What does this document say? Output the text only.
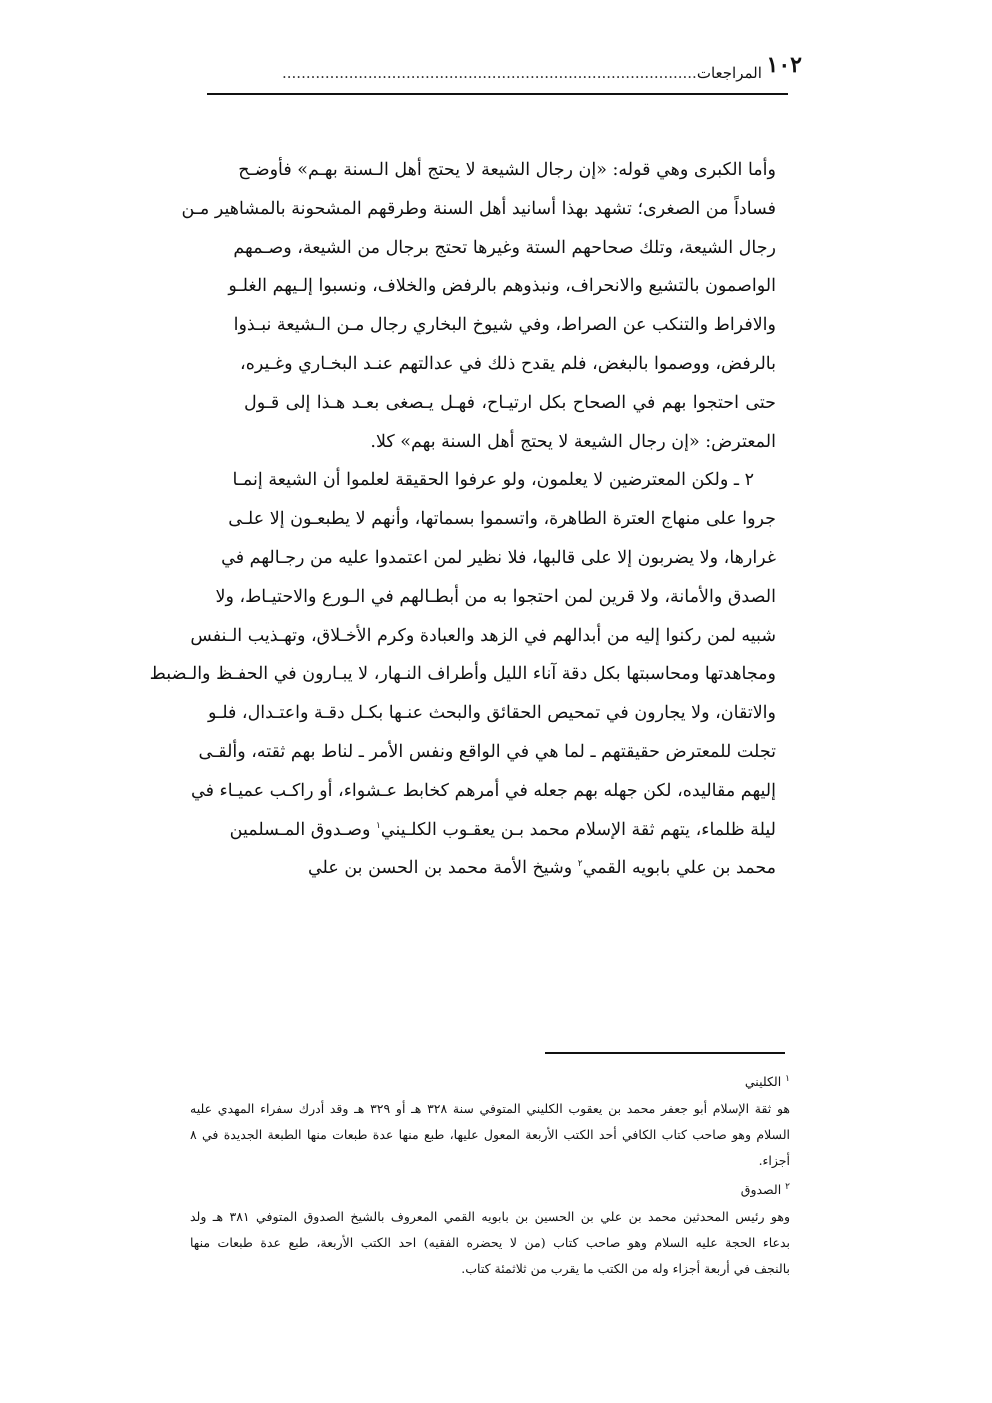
١٠٢
المراجعات.......................................................................................
وأما الكبرى وهي قوله: «إن رجال الشيعة لا يحتج أهل الـسنة بهـم» فأوضـح
فساداً من الصغرى؛ تشهد بهذا أسانيد أهل السنة وطرقهم المشحونة بالمشاهير مـن
رجال الشيعة، وتلك صحاحهم الستة وغيرها تحتج برجال من الشيعة، وصـمهم
الواصمون بالتشيع والانحراف، ونبذوهم بالرفض والخلاف، ونسبوا إلـيهم الغلـو
والافراط والتنكب عن الصراط، وفي شيوخ البخاري رجال مـن الـشيعة نبـذوا
بالرفض، ووصموا بالبغض، فلم يقدح ذلك في عدالتهم عنـد البخـاري وغـيره،
حتى احتجوا بهم في الصحاح بكل ارتيـاح، فهـل يـصغى بعـد هـذا إلى قـول
المعترض: «إن رجال الشيعة لا يحتج أهل السنة بهم» كلا.
٢ ـ ولكن المعترضين لا يعلمون، ولو عرفوا الحقيقة لعلموا أن الشيعة إنمـا
جروا على منهاج العترة الطاهرة، واتسموا بسماتها، وأنهم لا يطبعـون إلا علـى
غرارها، ولا يضربون إلا على قالبها، فلا نظير لمن اعتمدوا عليه من رجـالهم في
الصدق والأمانة، ولا قرين لمن احتجوا به من أبطـالهم في الـورع والاحتيـاط، ولا
شبيه لمن ركنوا إليه من أبدالهم في الزهد والعبادة وكرم الأخـلاق، وتهـذيب الـنفس
ومجاهدتها ومحاسبتها بكل دقة آناء الليل وأطراف النـهار، لا يبـارون في الحفـظ والـضبط
والاتقان، ولا يجارون في تمحيص الحقائق والبحث عنـها بكـل دقـة واعتـدال، فلـو
تجلت للمعترض حقيقتهم ـ لما هي في الواقع ونفس الأمر ـ لناط بهم ثقته، وألقـى
إليهم مقاليده، لكن جهله بهم جعله في أمرهم كخابط عـشواء، أو راكـب عميـاء في
ليلة ظلماء، يتهم ثقة الإسلام محمد بـن يعقـوب الكلـيني$^١$ وصـدوق المـسلمين
محمد بن علي بابويه القمي$^٢$ وشيخ الأمة محمد بن الحسن بن علي
$^١$ الكليني
هو ثقة الإسلام أبو جعفر محمد بن يعقوب الكليني المتوفي سنة ٣٢٨ هـ أو ٣٢٩ هـ وقد أدرك سفراء المهدي عليه
السلام وهو صاحب كتاب الكافي أحد الكتب الأربعة المعول عليها، طبع منها عدة طبعات منها الطبعة الجديدة في ٨
أجزاء.
$^٢$ الصدوق
وهو رئيس المحدثين محمد بن علي بن الحسين بن بابويه القمي المعروف بالشيخ الصدوق المتوفي ٣٨١ هـ ولد
بدعاء الحجة عليه السلام وهو صاحب كتاب (من لا يحضره الفقيه) احد الكتب الأربعة، طبع عدة طبعات منها
بالنجف في أربعة أجزاء وله من الكتب ما يقرب من ثلاثمئة كتاب.
